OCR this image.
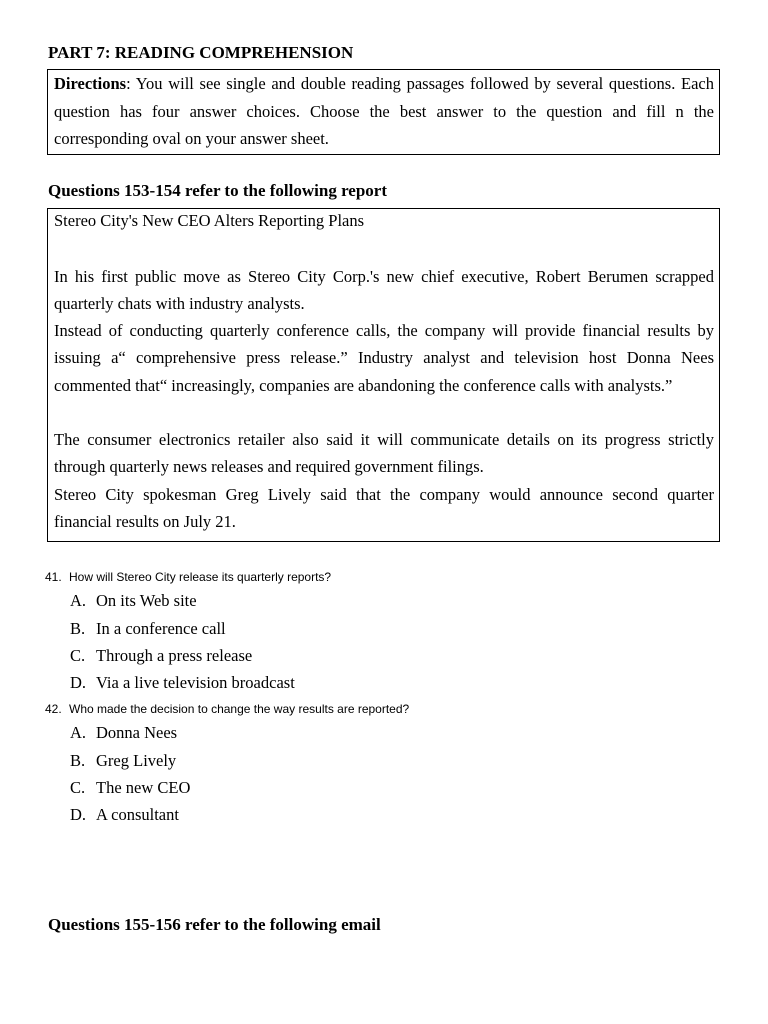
PART 7: READING COMPREHENSION
Directions: You will see single and double reading passages followed by several questions. Each question has four answer choices. Choose the best answer to the question and fill n the corresponding oval on your answer sheet.
Questions 153-154 refer to the following report
Stereo City's New CEO Alters Reporting Plans

In his first public move as Stereo City Corp.'s new chief executive, Robert Berumen scrapped quarterly chats with industry analysts.

Instead of conducting quarterly conference calls, the company will provide financial results by issuing a“ comprehensive press release.” Industry analyst and television host Donna Nees commented that“ increasingly, companies are abandoning the conference calls with analysts.”

The consumer electronics retailer also said it will communicate details on its progress strictly through quarterly news releases and required government filings.

Stereo City spokesman Greg Lively said that the company would announce second quarter financial results on July 21.

41. How will Stereo City release its quarterly reports?
A. On its Web site
B. In a conference call
C. Through a press release
D. Via a live television broadcast
42. Who made the decision to change the way results are reported?
A. Donna Nees
B. Greg Lively
C. The new CEO
D. A consultant
Questions 155-156 refer to the following email
